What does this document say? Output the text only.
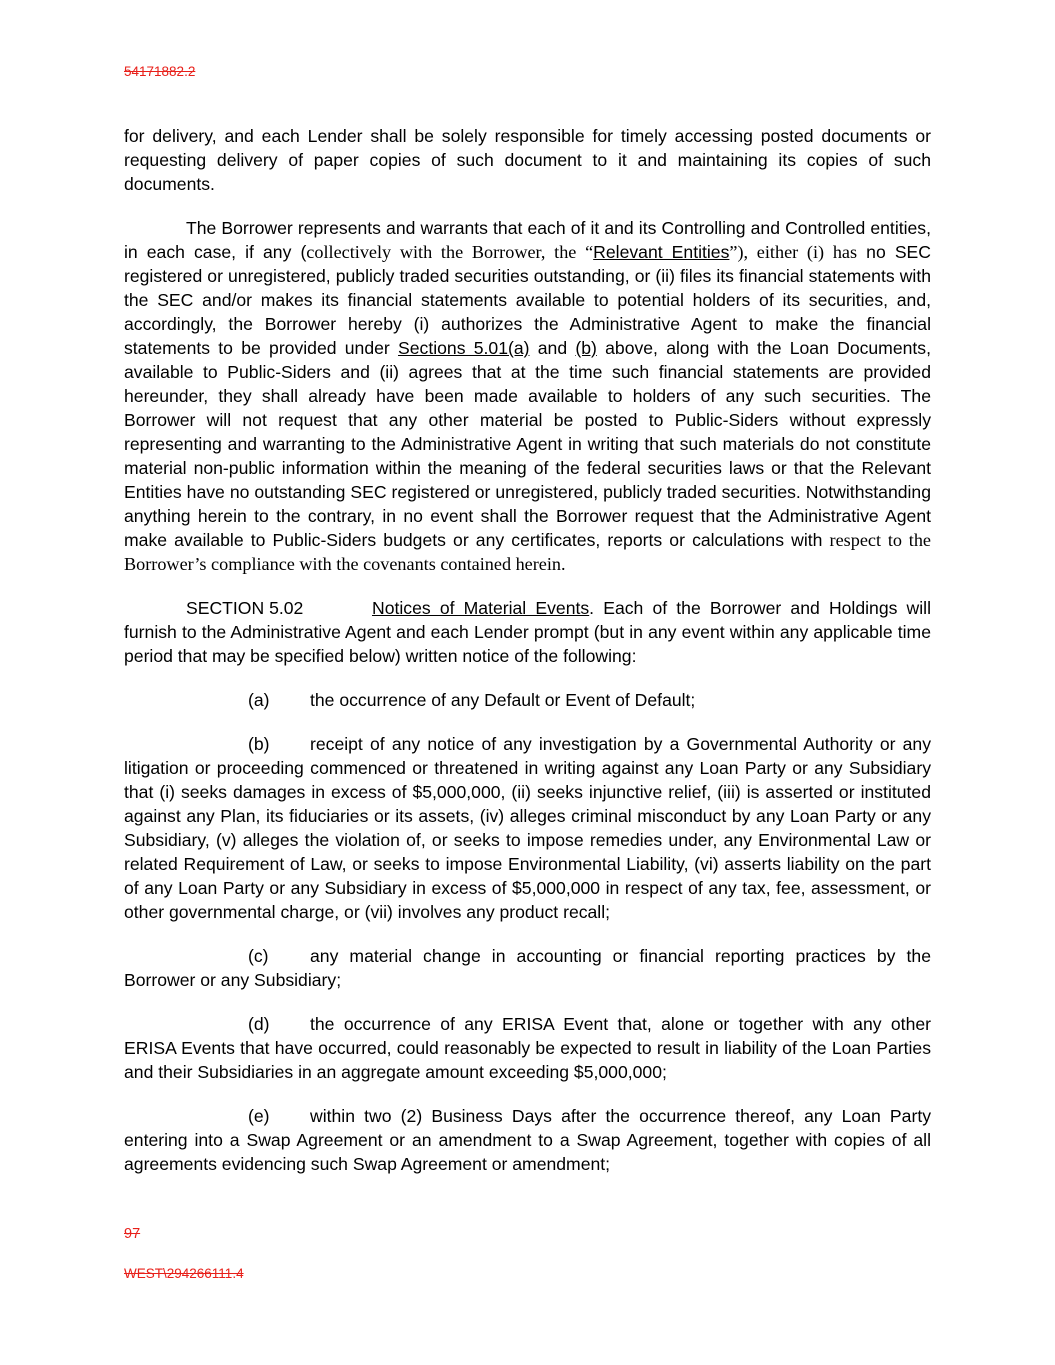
54171882.2

for delivery, and each Lender shall be solely responsible for timely accessing posted documents or requesting delivery of paper copies of such document to it and maintaining its copies of such documents.

The Borrower represents and warrants that each of it and its Controlling and Controlled entities, in each case, if any (collectively with the Borrower, the “Relevant Entities”), either (i) has no SEC registered or unregistered, publicly traded securities outstanding, or (ii) files its financial statements with the SEC and/or makes its financial statements available to potential holders of its securities, and, accordingly, the Borrower hereby (i) authorizes the Administrative Agent to make the financial statements to be provided under Sections 5.01(a) and (b) above, along with the Loan Documents, available to Public-Siders and (ii) agrees that at the time such financial statements are provided hereunder, they shall already have been made available to holders of any such securities. The Borrower will not request that any other material be posted to Public-Siders without expressly representing and warranting to the Administrative Agent in writing that such materials do not constitute material non-public information within the meaning of the federal securities laws or that the Relevant Entities have no outstanding SEC registered or unregistered, publicly traded securities. Notwithstanding anything herein to the contrary, in no event shall the Borrower request that the Administrative Agent make available to Public-Siders budgets or any certificates, reports or calculations with respect to the Borrower’s compliance with the covenants contained herein.

SECTION 5.02	Notices of Material Events. Each of the Borrower and Holdings will furnish to the Administrative Agent and each Lender prompt (but in any event within any applicable time period that may be specified below) written notice of the following:

(a) the occurrence of any Default or Event of Default;

(b) receipt of any notice of any investigation by a Governmental Authority or any litigation or proceeding commenced or threatened in writing against any Loan Party or any Subsidiary that (i) seeks damages in excess of $5,000,000, (ii) seeks injunctive relief, (iii) is asserted or instituted against any Plan, its fiduciaries or its assets, (iv) alleges criminal misconduct by any Loan Party or any Subsidiary, (v) alleges the violation of, or seeks to impose remedies under, any Environmental Law or related Requirement of Law, or seeks to impose Environmental Liability, (vi) asserts liability on the part of any Loan Party or any Subsidiary in excess of $5,000,000 in respect of any tax, fee, assessment, or other governmental charge, or (vii) involves any product recall;

(c) any material change in accounting or financial reporting practices by the Borrower or any Subsidiary;

(d) the occurrence of any ERISA Event that, alone or together with any other ERISA Events that have occurred, could reasonably be expected to result in liability of the Loan Parties and their Subsidiaries in an aggregate amount exceeding $5,000,000;

(e) within two (2) Business Days after the occurrence thereof, any Loan Party entering into a Swap Agreement or an amendment to a Swap Agreement, together with copies of all agreements evidencing such Swap Agreement or amendment;

97
WEST\294266111.4
